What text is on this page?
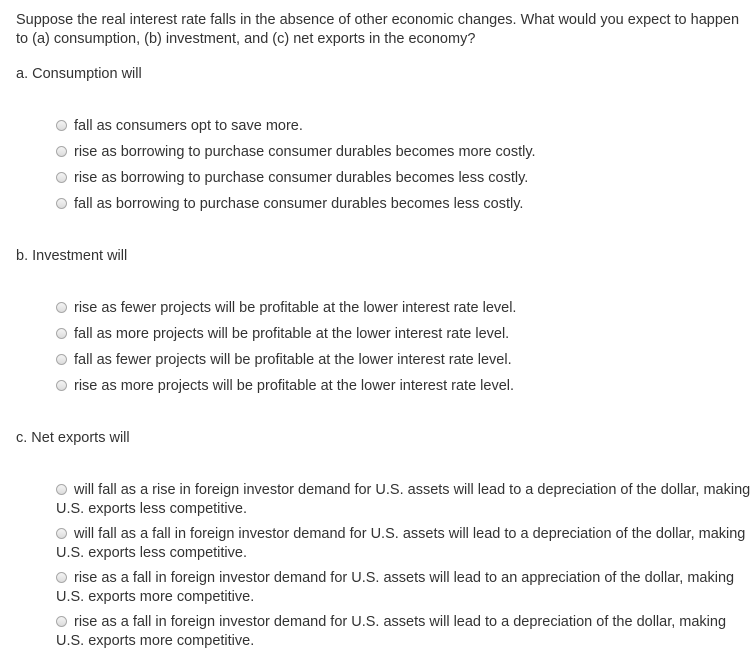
Suppose the real interest rate falls in the absence of other economic changes. What would you expect to happen to (a) consumption, (b) investment, and (c) net exports in the economy?
a. Consumption will
fall as consumers opt to save more.
rise as borrowing to purchase consumer durables becomes more costly.
rise as borrowing to purchase consumer durables becomes less costly.
fall as borrowing to purchase consumer durables becomes less costly.
b. Investment will
rise as fewer projects will be profitable at the lower interest rate level.
fall as more projects will be profitable at the lower interest rate level.
fall as fewer projects will be profitable at the lower interest rate level.
rise as more projects will be profitable at the lower interest rate level.
c. Net exports will
will fall as a rise in foreign investor demand for U.S. assets will lead to a depreciation of the dollar, making U.S. exports less competitive.
will fall as a fall in foreign investor demand for U.S. assets will lead to a depreciation of the dollar, making U.S. exports less competitive.
rise as a fall in foreign investor demand for U.S. assets will lead to an appreciation of the dollar, making U.S. exports more competitive.
rise as a fall in foreign investor demand for U.S. assets will lead to a depreciation of the dollar, making U.S. exports more competitive.
